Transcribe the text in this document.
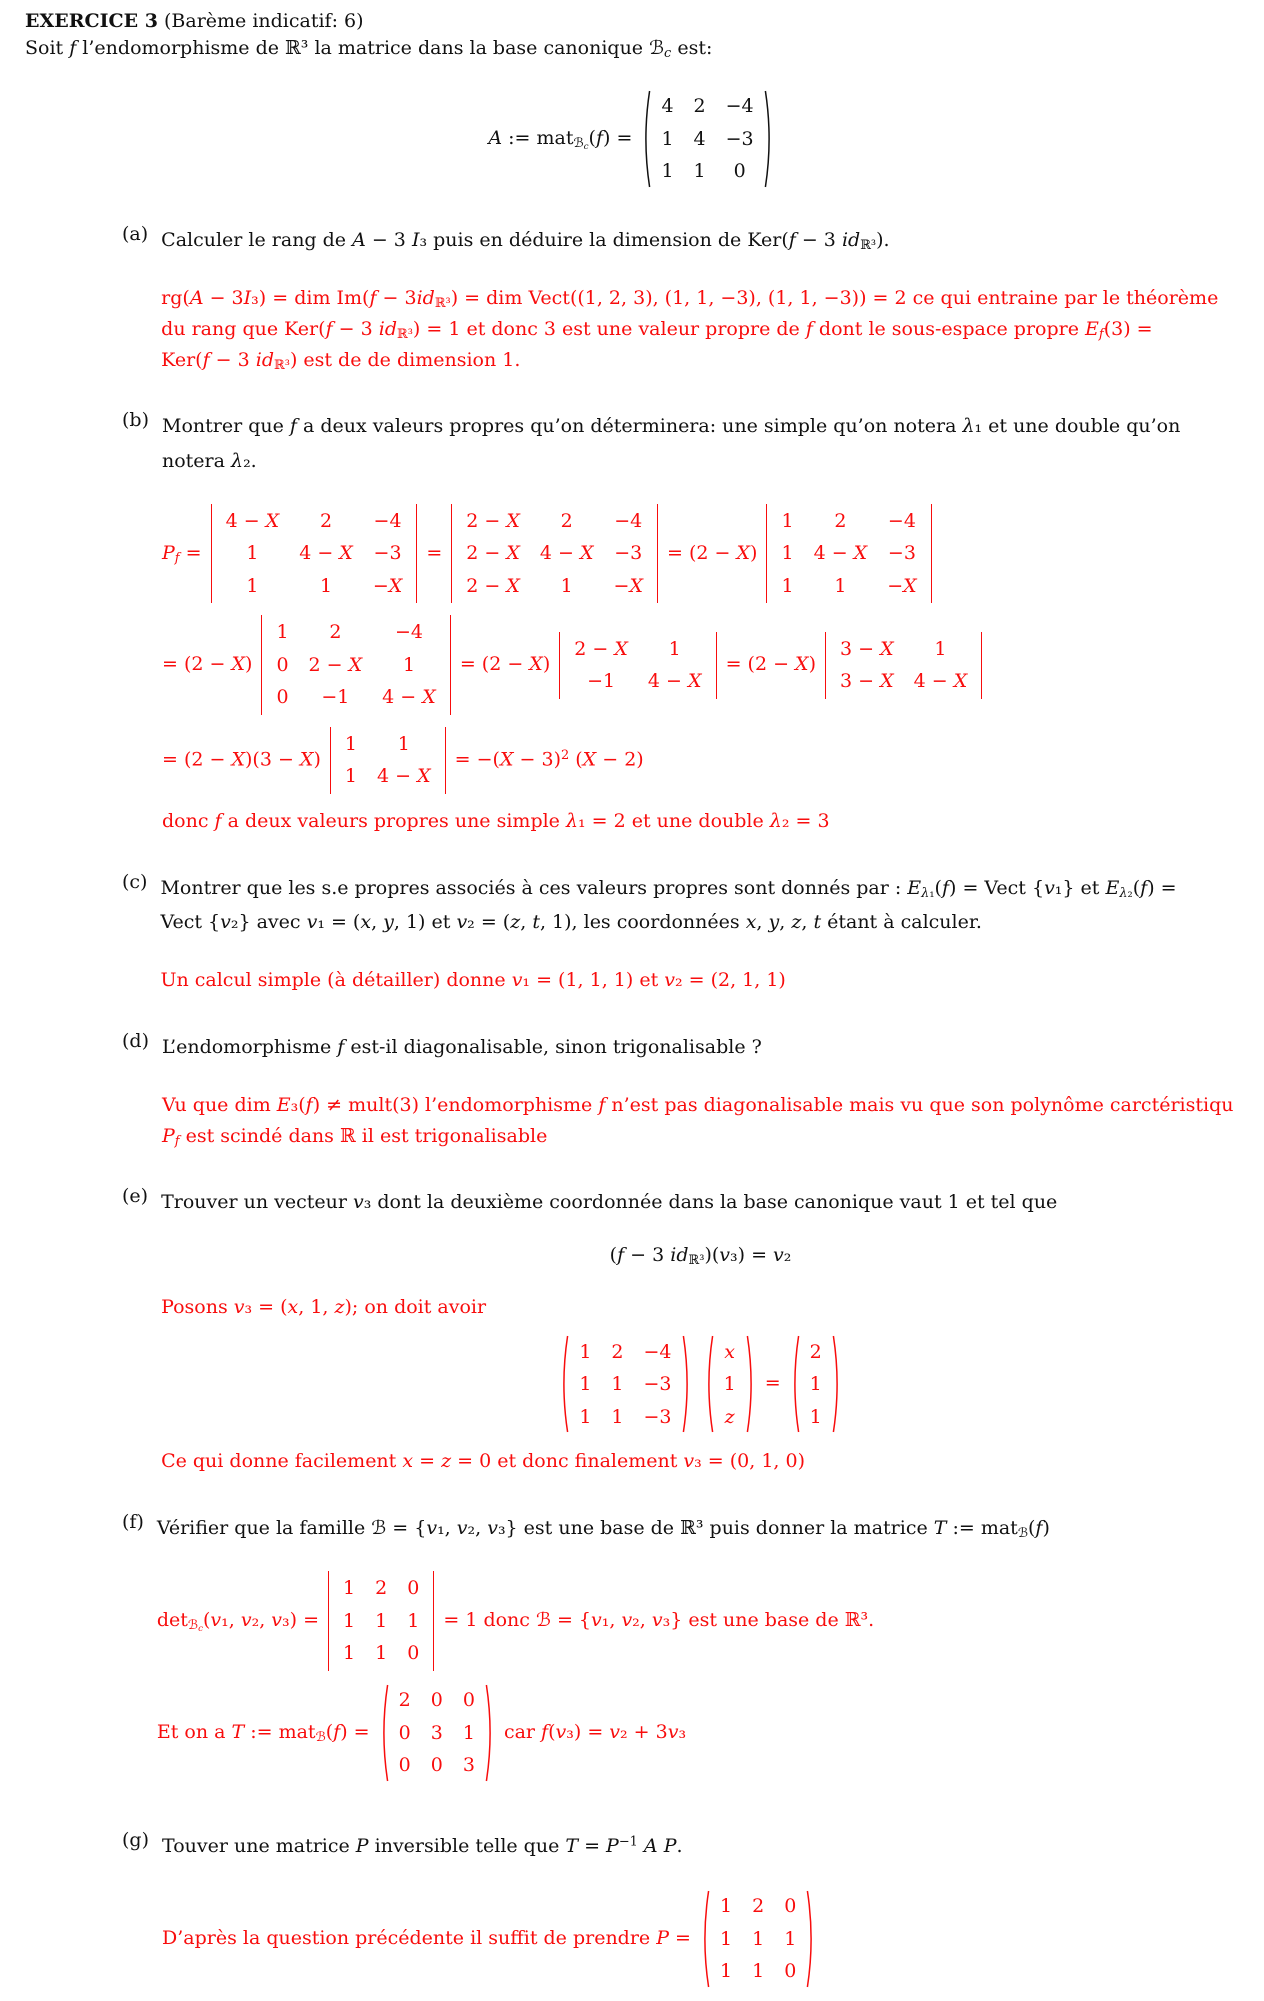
EXERCICE 3 (Barème indicatif: 6)
Soit f l’endomorphisme de ℝ³ la matrice dans la base canonique ℬ$_c$ est:
A := mat$_{ℬ_c}$(f) =
4	2	−4
1	4	−3
1	1	0
(a) Calculer le rang de A − 3 I₃ puis en déduire la dimension de Ker(f − 3 $id_{ℝ^3}$).
rg(A − 3I₃) = dim $Im(f - 3id_{ℝ^3})$ = dim Vect((1, 2, 3), (1, 1, −3), (1, 1, −3)) = 2 ce qui entraine par le théorème
du rang que Ker(f − 3 $id_{ℝ^3}) = 1$ et donc 3 est une valeur propre de f dont le sous-espace propre $E_f(3)$ =
Ker(f − 3 $id_{ℝ^3}$) est de de dimension 1.
(b) Montrer que f a deux valeurs propres qu’on déterminera: une simple qu’on notera λ₁ et une double qu’on
notera λ₂.
$P_f$ =
4 − X	2	−4
1	4 − X	−3
1	1	−X
=
2 − X	2	−4
2 − X	4 − X	−3
2 − X	1	−X
= (2 − X)
1	2	−4
1	4 − X	−3
1	1	−X
= (2 − X)
1	2	−4
0	2 − X	1
0	−1	4 − X
= (2 − X)
2 − X	1
−1	4 − X
= (2 − X)
3 − X	1
3 − X	4 − X
= (2 − X)(3 − X)
1	1
1	4 − X
= $-(X - 3)^2$ (X − 2)
donc f a deux valeurs propres une simple λ₁ = 2 et une double λ₂ = 3
(c) Montrer que les s.e propres associés à ces valeurs propres sont donnés par : $E_{\lambda_1}(f)$ = Vect {v₁} et $E_{\lambda_2}(f)$ =
Vect {v₂} avec v₁ = (x, y, 1) et v₂ = (z, t, 1), les coordonnées x, y, z, t étant à calculer.
Un calcul simple (à détailler) donne v₁ = (1, 1, 1) et v₂ = (2, 1, 1)
(d) L’endomorphisme f est-il diagonalisable, sinon trigonalisable ?
Vu que dim E₃(f) ≠ mult(3) l’endomorphisme f n’est pas diagonalisable mais vu que son polynôme carctéristiqu
$P_f$ est scindé dans ℝ il est trigonalisable
(e) Trouver un vecteur v₃ dont la deuxième coordonnée dans la base canonique vaut 1 et tel que
(f − 3 $id_{ℝ^3})(v_3) = v_2$
Posons v₃ = (x, 1, z); on doit avoir
1	2	−4
1	1	−3
1	1	−3

x
1
z
=
2
1
1
Ce qui donne facilement x = z = 0 et donc finalement v₃ = (0, 1, 0)
(f) Vérifier que la famille ℬ = {v₁, v₂, v₃} est une base de ℝ³ puis donner la matrice T := mat$_ℬ$(f)
$\det_{ℬ_c}(v_1$, v₂, v₃) =
1	2	0
1	1	1
1	1	0
= 1 donc ℬ = {v₁, v₂, v₃} est une base de ℝ³.
Et on a T := mat$_ℬ$(f) =
2	0	0
0	3	1
0	0	3
car f(v₃) = v₂ + 3v₃
(g) Touver une matrice P inversible telle que $T = P^{-1}$ A P.
D’après la question précédente il suffit de prendre P =
1	2	0
1	1	1
1	1	0
